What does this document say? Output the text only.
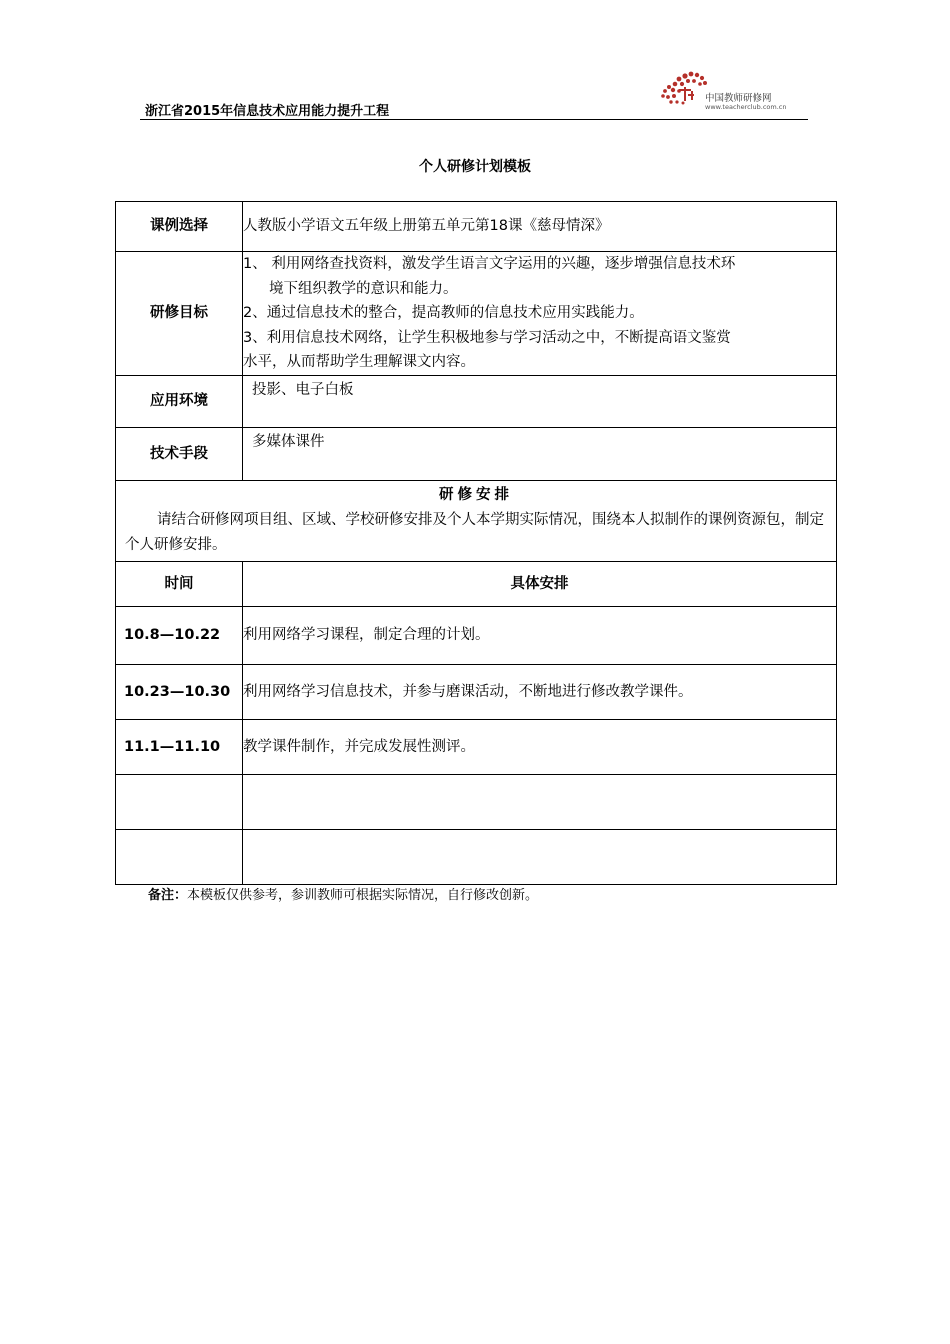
浙江省2015年信息技术应用能力提升工程
中国教师研修网
www.teacherclub.com.cn
个人研修计划模板
课例选择	人教版小学语文五年级上册第五单元第18课《慈母情深》
研修目标	1、 利用网络查找资料，激发学生语言文字运用的兴趣，逐步增强信息技术环
境下组织教学的意识和能力。
2、通过信息技术的整合，提高教师的信息技术应用实践能力。
3、利用信息技术网络，让学生积极地参与学习活动之中，不断提高语文鉴赏
水平，从而帮助学生理解课文内容。

应用环境	投影、电子白板
技术手段	多媒体课件

研修安排
请结合研修网项目组、区域、学校研修安排及个人本学期实际情况，围绕本人拟制作的课例资源包，制定个人研修安排。	

时间	具体安排
10.8—10.22	利用网络学习课程，制定合理的计划。
10.23—10.30	利用网络学习信息技术，并参与磨课活动，不断地进行修改教学课件。
11.1—11.10	教学课件制作，并完成发展性测评。

备注：本模板仅供参考，参训教师可根据实际情况，自行修改创新。
